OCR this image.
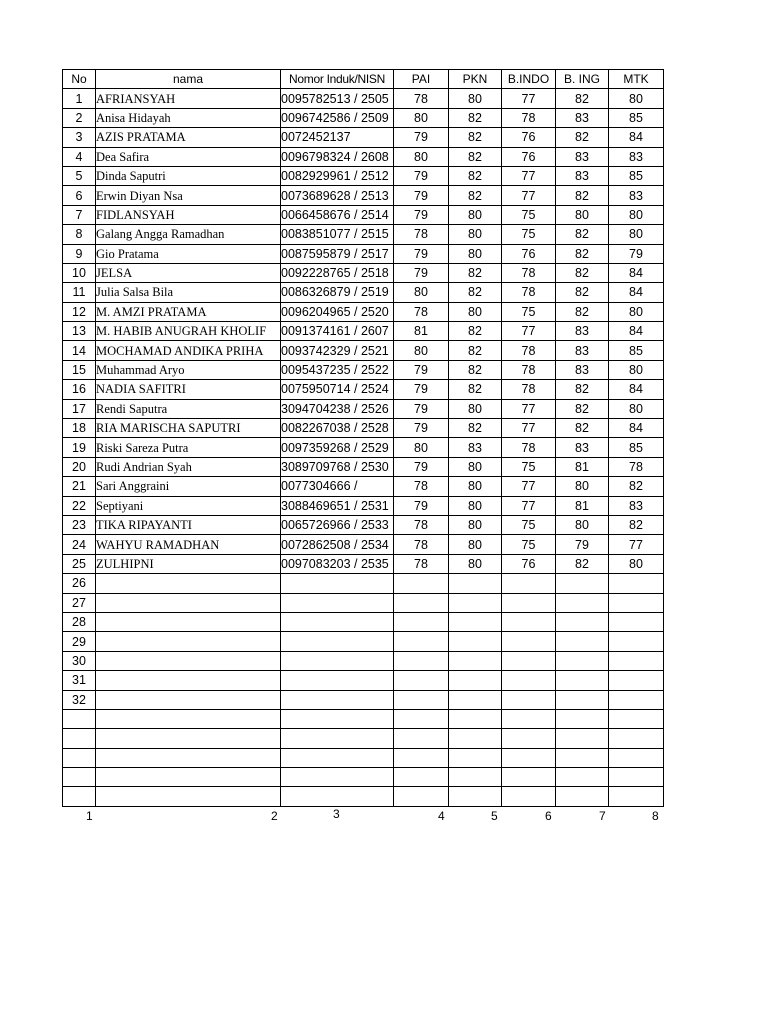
No	nama	Nomor Induk/NISN	PAI	PKN	B.INDO	B. ING	MTK
1	AFRIANSYAH	0095782513 / 2505	78	80	77	82	80
2	Anisa Hidayah	0096742586 / 2509	80	82	78	83	85
3	AZIS PRATAMA	0072452137	79	82	76	82	84
4	Dea Safira	0096798324 / 2608	80	82	76	83	83
5	Dinda Saputri	0082929961 / 2512	79	82	77	83	85
6	Erwin Diyan Nsa	0073689628 / 2513	79	82	77	82	83
7	FIDLANSYAH	0066458676 / 2514	79	80	75	80	80
8	Galang Angga Ramadhan	0083851077 / 2515	78	80	75	82	80
9	Gio Pratama	0087595879 / 2517	79	80	76	82	79
10	JELSA	0092228765 / 2518	79	82	78	82	84
11	Julia Salsa Bila	0086326879 / 2519	80	82	78	82	84
12	M. AMZI PRATAMA	0096204965 / 2520	78	80	75	82	80
13	M. HABIB ANUGRAH KHOLIF	0091374161 / 2607	81	82	77	83	84
14	MOCHAMAD ANDIKA PRIHA	0093742329 / 2521	80	82	78	83	85
15	Muhammad Aryo	0095437235 / 2522	79	82	78	83	80
16	NADIA SAFITRI	0075950714 / 2524	79	82	78	82	84
17	Rendi Saputra	3094704238 / 2526	79	80	77	82	80
18	RIA MARISCHA SAPUTRI	0082267038 / 2528	79	82	77	82	84
19	Riski Sareza Putra	0097359268 / 2529	80	83	78	83	85
20	Rudi Andrian Syah	3089709768 / 2530	79	80	75	81	78
21	Sari Anggraini	0077304666 /	78	80	77	80	82
22	Septiyani	3088469651 / 2531	79	80	77	81	83
23	TIKA RIPAYANTI	0065726966 / 2533	78	80	75	80	82
24	WAHYU RAMADHAN	0072862508 / 2534	78	80	75	79	77
25	ZULHIPNI	0097083203 / 2535	78	80	76	82	80
26							
27							
28							
29							
30							
31							
32							

1	2	3	4	5	6	7	8
